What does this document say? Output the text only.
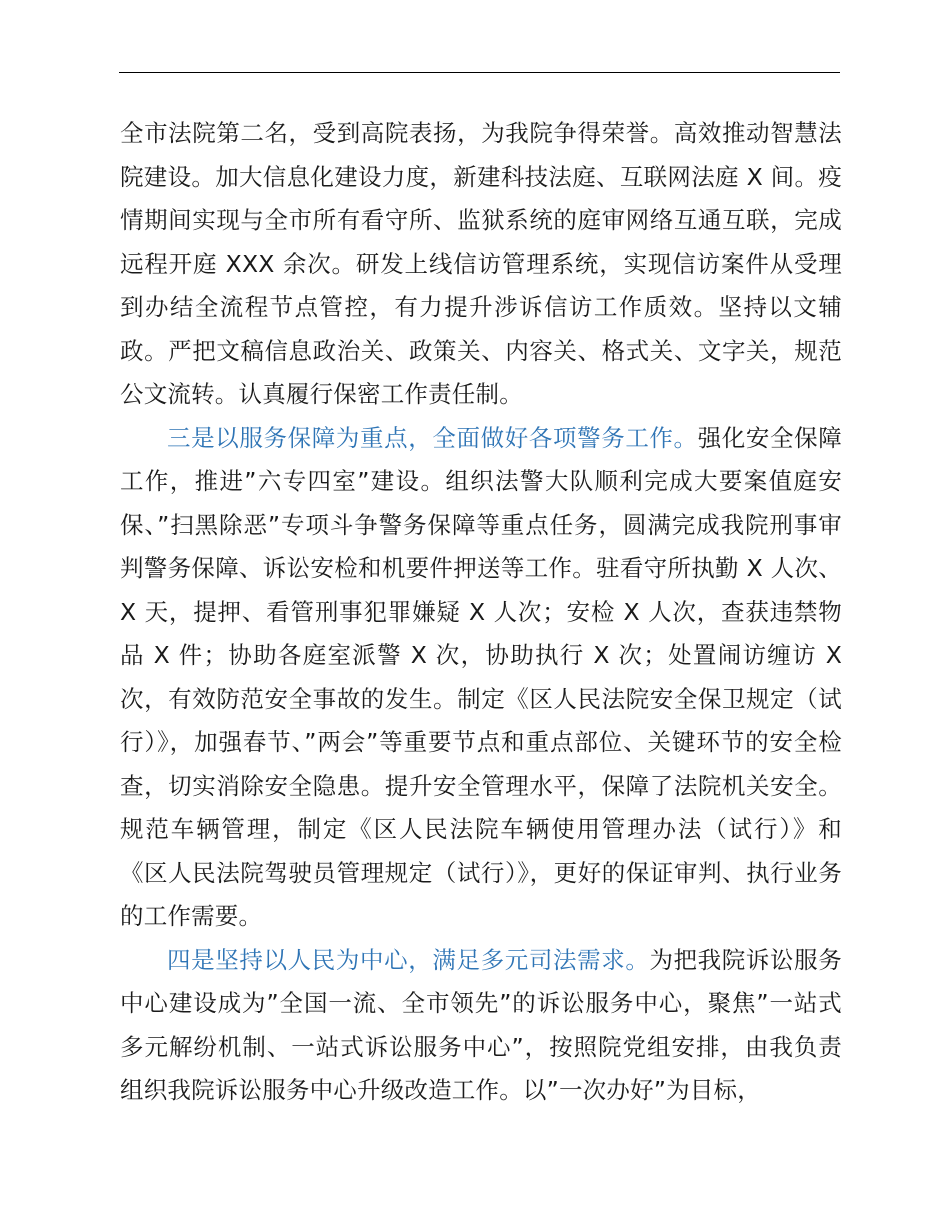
全市法院第二名，受到高院表扬，为我院争得荣誉。高效推动智慧法院建设。加大信息化建设力度，新建科技法庭、互联网法庭 X 间。疫情期间实现与全市所有看守所、监狱系统的庭审网络互通互联，完成远程开庭 XXX 余次。研发上线信访管理系统，实现信访案件从受理到办结全流程节点管控，有力提升涉诉信访工作质效。坚持以文辅政。严把文稿信息政治关、政策关、内容关、格式关、文字关，规范公文流转。认真履行保密工作责任制。

三是以服务保障为重点，全面做好各项警务工作。强化安全保障工作，推进”六专四室”建设。组织法警大队顺利完成大要案值庭安保、”扫黑除恶”专项斗争警务保障等重点任务，圆满完成我院刑事审判警务保障、诉讼安检和机要件押送等工作。驻看守所执勤 X 人次、X 天，提押、看管刑事犯罪嫌疑 X 人次；安检 X 人次，查获违禁物品 X 件；协助各庭室派警 X 次，协助执行 X 次；处置闹访缠访 X 次，有效防范安全事故的发生。制定《区人民法院安全保卫规定（试行）》，加强春节、”两会”等重要节点和重点部位、关键环节的安全检查，切实消除安全隐患。提升安全管理水平，保障了法院机关安全。规范车辆管理，制定《区人民法院车辆使用管理办法（试行）》和《区人民法院驾驶员管理规定（试行）》，更好的保证审判、执行业务的工作需要。

四是坚持以人民为中心，满足多元司法需求。为把我院诉讼服务中心建设成为”全国一流、全市领先”的诉讼服务中心，聚焦”一站式多元解纷机制、一站式诉讼服务中心”，按照院党组安排，由我负责组织我院诉讼服务中心升级改造工作。以”一次办好”为目标，
